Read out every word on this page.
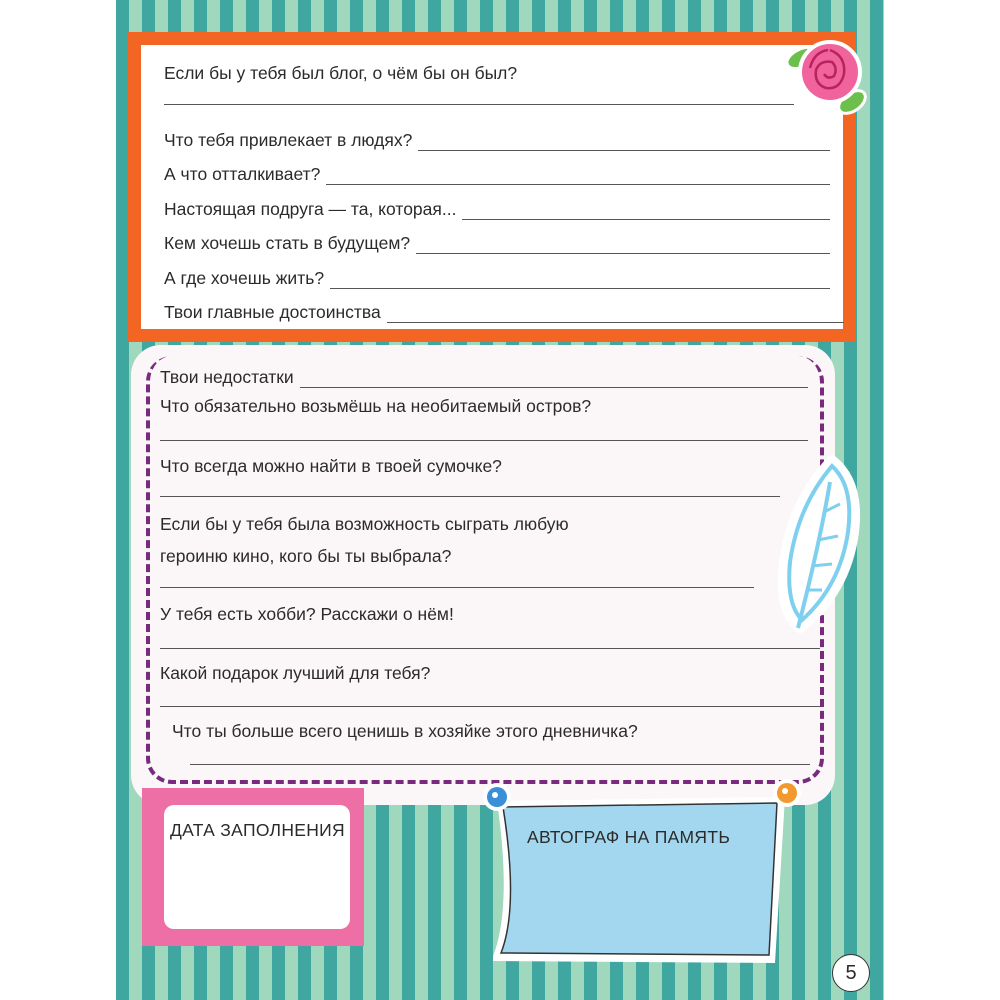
Если бы у тебя был блог, о чём бы он был?
Что тебя привлекает в людях?
А что отталкивает?
Настоящая подруга — та, которая...
Кем хочешь стать в будущем?
А где хочешь жить?
Твои главные достоинства
Твои недостатки
Что обязательно возьмёшь на необитаемый остров?
Что всегда можно найти в твоей сумочке?
Если бы у тебя была возможность сыграть любую
героиню кино, кого бы ты выбрала?
У тебя есть хобби? Расскажи о нём!
Какой подарок лучший для тебя?
Что ты больше всего ценишь в хозяйке этого дневничка?
ДАТА ЗАПОЛНЕНИЯ	АВТОГРАФ НА ПАМЯТЬ
5
